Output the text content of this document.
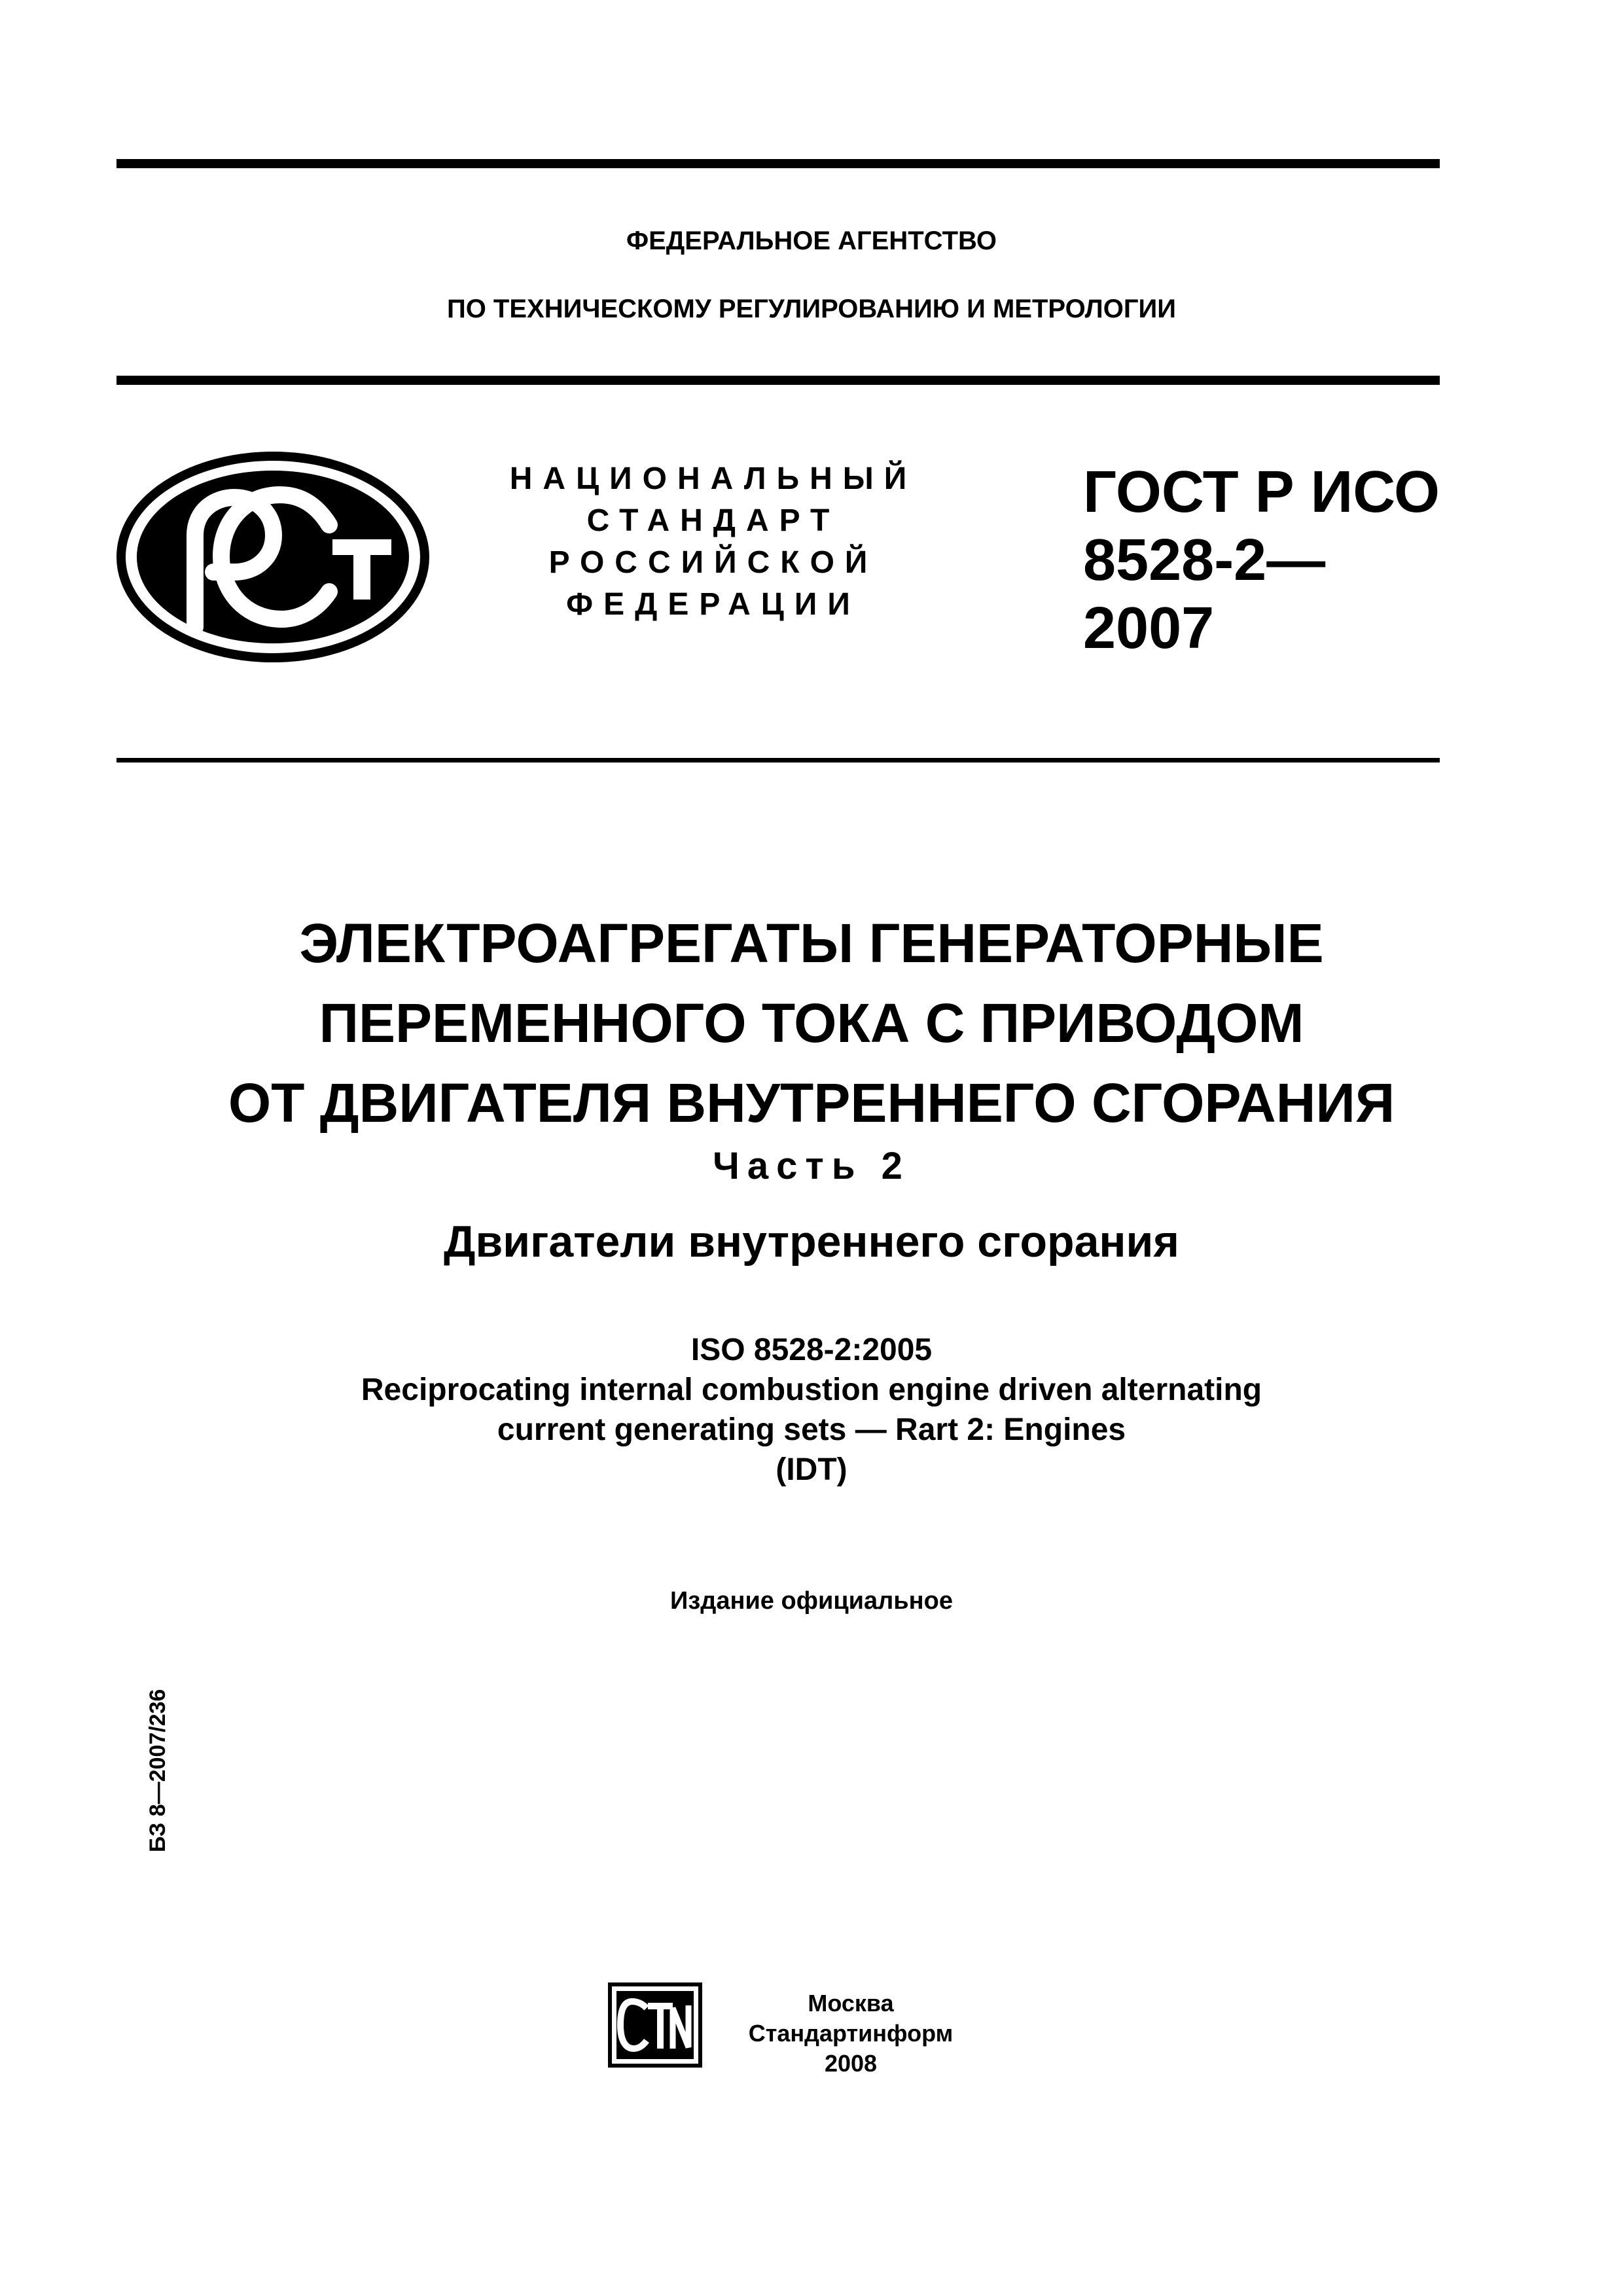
ФЕДЕРАЛЬНОЕ АГЕНТСТВО
ПО ТЕХНИЧЕСКОМУ РЕГУЛИРОВАНИЮ И МЕТРОЛОГИИ
НАЦИОНАЛЬНЫЙ
СТАНДАРТ
РОССИЙСКОЙ
ФЕДЕРАЦИИ
ГОСТ Р ИСО
8528-2—
2007
ЭЛЕКТРОАГРЕГАТЫ ГЕНЕРАТОРНЫЕ
ПЕРЕМЕННОГО ТОКА С ПРИВОДОМ
ОТ ДВИГАТЕЛЯ ВНУТРЕННЕГО СГОРАНИЯ
Часть 2
Двигатели внутреннего сгорания
ISO 8528-2:2005
Reciprocating internal combustion engine driven alternating
current generating sets — Rart 2: Engines
(IDT)
Издание официальное
БЗ 8—2007/236
Москва
Стандартинформ
2008
